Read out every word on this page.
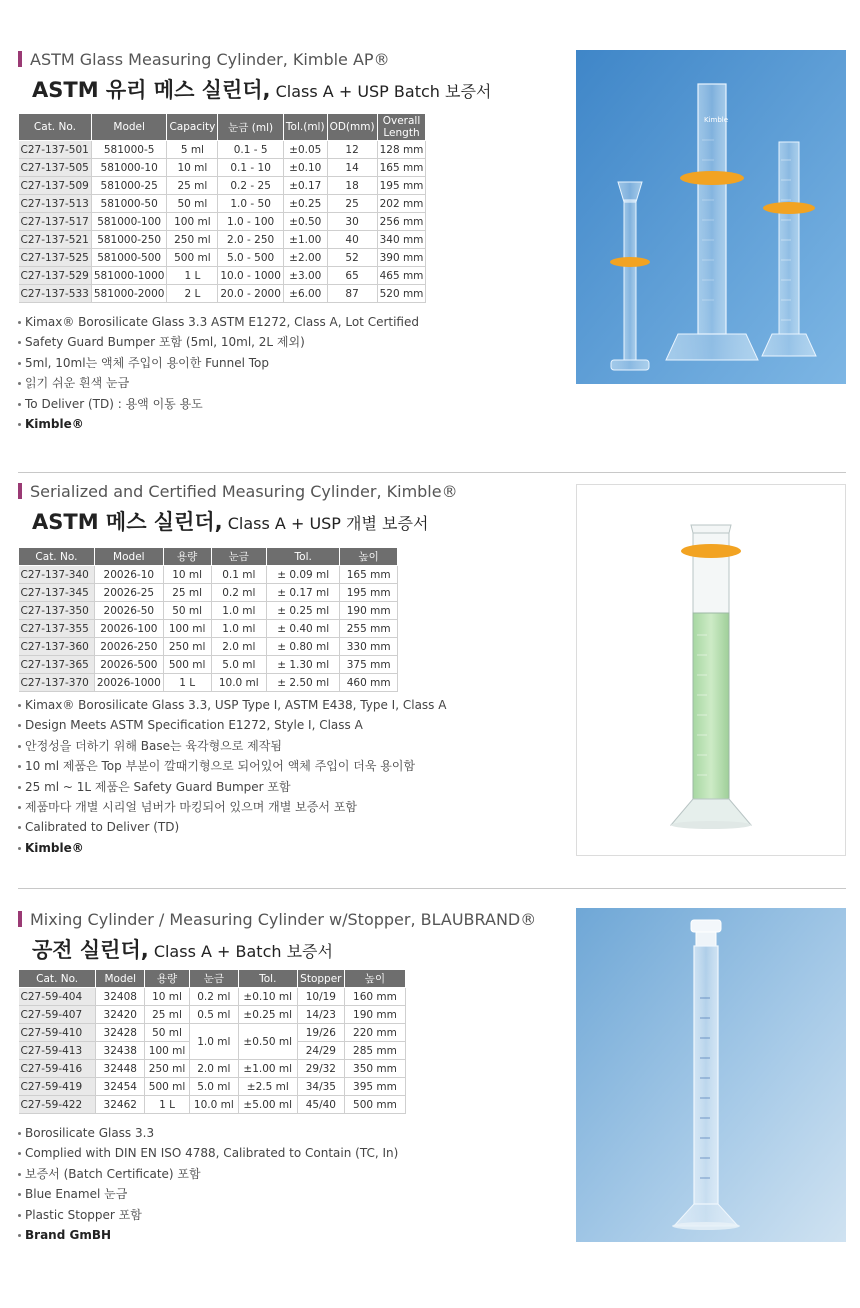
ASTM Glass Measuring Cylinder, Kimble AP®
ASTM 유리 메스 실린더, Class A + USP Batch 보증서
Cat. No.	Model	Capacity	눈금 (ml)	Tol.(ml)	OD(mm)	Overall Length
C27-137-501	581000-5	5 ml	0.1 - 5	±0.05	12	128 mm
C27-137-505	581000-10	10 ml	0.1 - 10	±0.10	14	165 mm
C27-137-509	581000-25	25 ml	0.2 - 25	±0.17	18	195 mm
C27-137-513	581000-50	50 ml	1.0 - 50	±0.25	25	202 mm
C27-137-517	581000-100	100 ml	1.0 - 100	±0.50	30	256 mm
C27-137-521	581000-250	250 ml	2.0 - 250	±1.00	40	340 mm
C27-137-525	581000-500	500 ml	5.0 - 500	±2.00	52	390 mm
C27-137-529	581000-1000	1 L	10.0 - 1000	±3.00	65	465 mm
C27-137-533	581000-2000	2 L	20.0 - 2000	±6.00	87	520 mm
Kimax® Borosilicate Glass 3.3 ASTM E1272, Class A, Lot Certified
Safety Guard Bumper 포함 (5ml, 10ml, 2L 제외)
5ml, 10ml는 액체 주입이 용이한 Funnel Top
읽기 쉬운 흰색 눈금
To Deliver (TD) : 용액 이동 용도
Kimble®
Kimble
Serialized and Certified Measuring Cylinder, Kimble®
ASTM 메스 실린더, Class A + USP 개별 보증서
Cat. No.	Model	용량	눈금	Tol.	높이
C27-137-340	20026-10	10 ml	0.1 ml	± 0.09 ml	165 mm
C27-137-345	20026-25	25 ml	0.2 ml	± 0.17 ml	195 mm
C27-137-350	20026-50	50 ml	1.0 ml	± 0.25 ml	190 mm
C27-137-355	20026-100	100 ml	1.0 ml	± 0.40 ml	255 mm
C27-137-360	20026-250	250 ml	2.0 ml	± 0.80 ml	330 mm
C27-137-365	20026-500	500 ml	5.0 ml	± 1.30 ml	375 mm
C27-137-370	20026-1000	1 L	10.0 ml	± 2.50 ml	460 mm
Kimax® Borosilicate Glass 3.3, USP Type I, ASTM E438, Type I, Class A
Design Meets ASTM Specification E1272, Style I, Class A
안정성을 더하기 위해 Base는 육각형으로 제작됨
10 ml 제품은 Top 부분이 깔때기형으로 되어있어 액체 주입이 더욱 용이함
25 ml ~ 1L 제품은 Safety Guard Bumper 포함
제품마다 개별 시리얼 넘버가 마킹되어 있으며 개별 보증서 포함
Calibrated to Deliver (TD)
Kimble®
Mixing Cylinder / Measuring Cylinder w/Stopper, BLAUBRAND®
공전 실린더, Class A + Batch 보증서
Cat. No.	Model	용량	눈금	Tol.	Stopper	높이
C27-59-404	32408	10 ml	0.2 ml	±0.10 ml	10/19	160 mm
C27-59-407	32420	25 ml	0.5 ml	±0.25 ml	14/23	190 mm
C27-59-410	32428	50 ml	1.0 ml	±0.50 ml	19/26	220 mm
C27-59-413	32438	100 ml			24/29	285 mm
C27-59-416	32448	250 ml	2.0 ml	±1.00 ml	29/32	350 mm
C27-59-419	32454	500 ml	5.0 ml	±2.5 ml	34/35	395 mm
C27-59-422	32462	1 L	10.0 ml	±5.00 ml	45/40	500 mm
Borosilicate Glass 3.3
Complied with DIN EN ISO 4788, Calibrated to Contain (TC, In)
보증서 (Batch Certificate) 포함
Blue Enamel 눈금
Plastic Stopper 포함
Brand GmBH
